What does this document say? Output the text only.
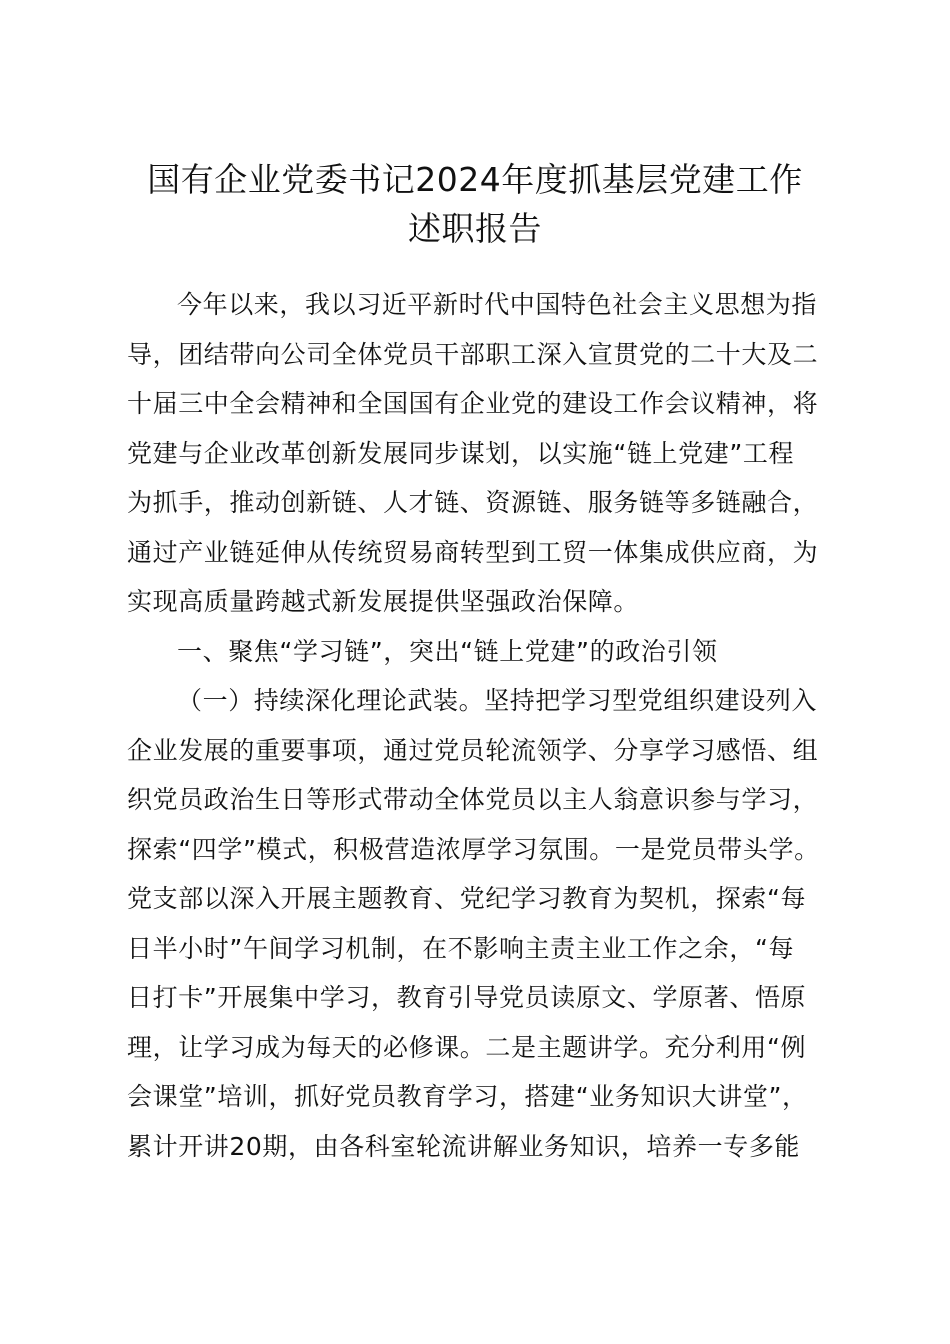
国有企业党委书记2024年度抓基层党建工作
述职报告
今年以来，我以习近平新时代中国特色社会主义思想为指
导，团结带向公司全体党员干部职工深入宣贯党的二十大及二
十届三中全会精神和全国国有企业党的建设工作会议精神，将
党建与企业改革创新发展同步谋划，以实施“链上党建”工程
为抓手，推动创新链、人才链、资源链、服务链等多链融合，
通过产业链延伸从传统贸易商转型到工贸一体集成供应商，为
实现高质量跨越式新发展提供坚强政治保障。
一、聚焦“学习链”，突出“链上党建”的政治引领
（一）持续深化理论武装。坚持把学习型党组织建设列入
企业发展的重要事项，通过党员轮流领学、分享学习感悟、组
织党员政治生日等形式带动全体党员以主人翁意识参与学习，
探索“四学”模式，积极营造浓厚学习氛围。一是党员带头学。
党支部以深入开展主题教育、党纪学习教育为契机，探索“每
日半小时”午间学习机制，在不影响主责主业工作之余，“每
日打卡”开展集中学习，教育引导党员读原文、学原著、悟原
理，让学习成为每天的必修课。二是主题讲学。充分利用“例
会课堂”培训，抓好党员教育学习，搭建“业务知识大讲堂”，
累计开讲20期，由各科室轮流讲解业务知识，培养一专多能
